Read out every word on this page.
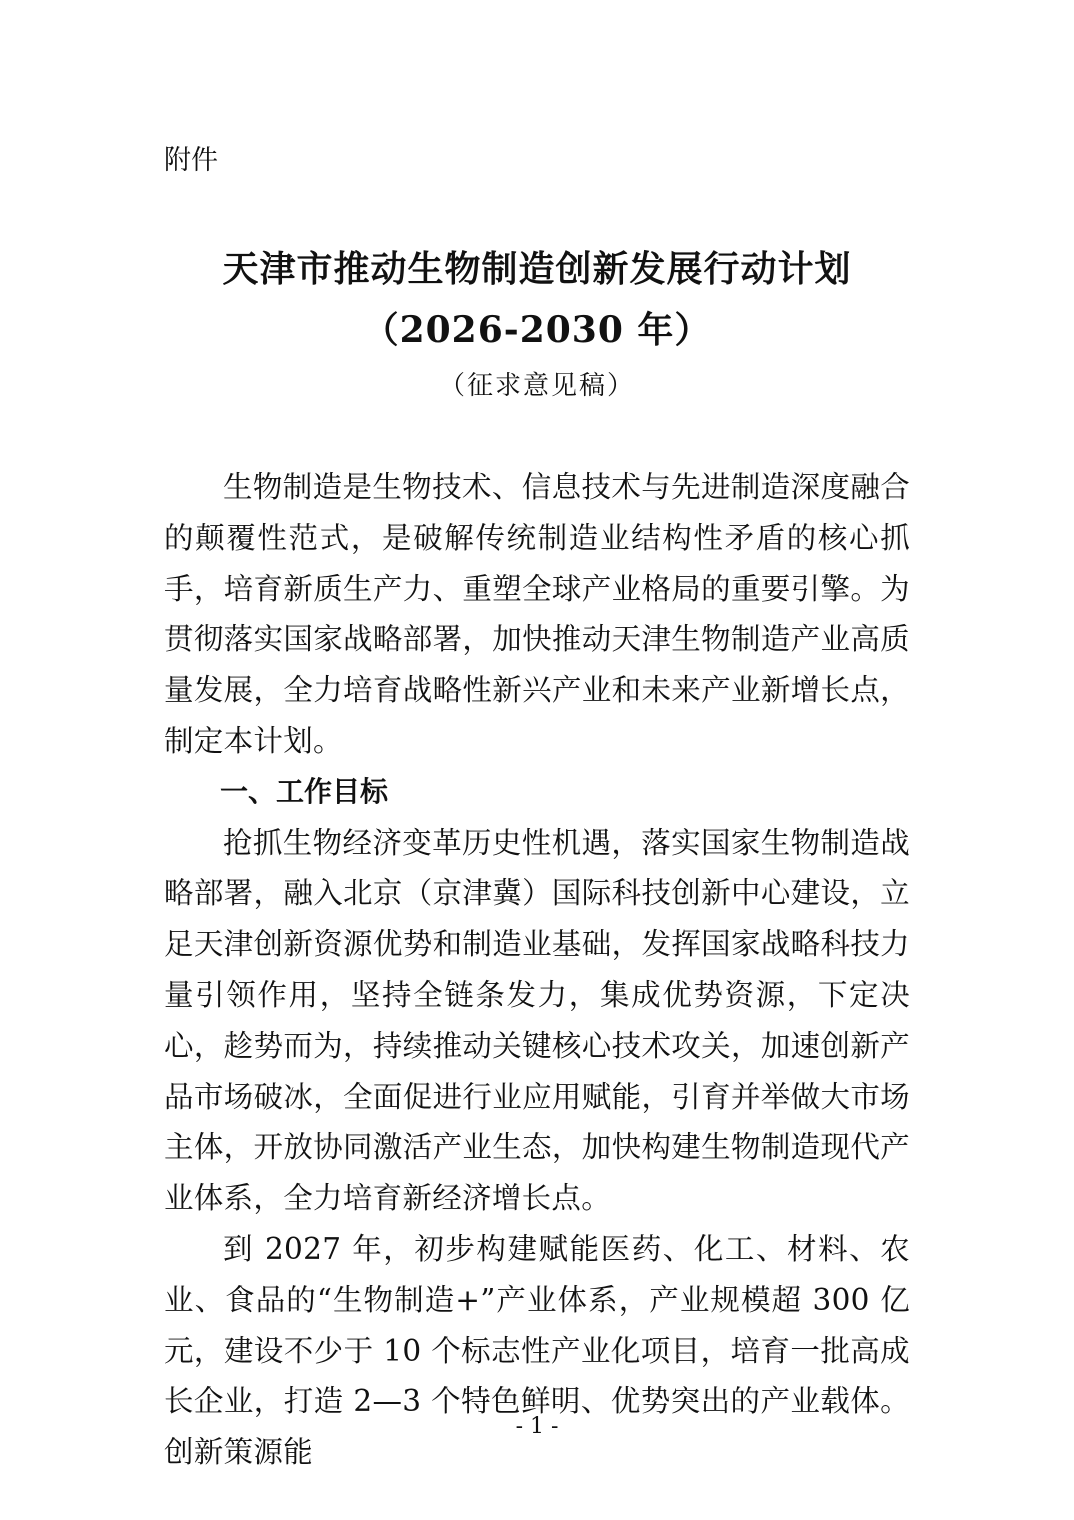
附件

天津市推动生物制造创新发展行动计划
（2026-2030 年）
（征求意见稿）

生物制造是生物技术、信息技术与先进制造深度融合的颠覆性范式，是破解传统制造业结构性矛盾的核心抓手，培育新质生产力、重塑全球产业格局的重要引擎。为贯彻落实国家战略部署，加快推动天津生物制造产业高质量发展，全力培育战略性新兴产业和未来产业新增长点，制定本计划。

一、工作目标

抢抓生物经济变革历史性机遇，落实国家生物制造战略部署，融入北京（京津冀）国际科技创新中心建设，立足天津创新资源优势和制造业基础，发挥国家战略科技力量引领作用，坚持全链条发力，集成优势资源，下定决心，趁势而为，持续推动关键核心技术攻关，加速创新产品市场破冰，全面促进行业应用赋能，引育并举做大市场主体，开放协同激活产业生态，加快构建生物制造现代产业体系，全力培育新经济增长点。

到 2027 年，初步构建赋能医药、化工、材料、农业、食品的“生物制造+”产业体系，产业规模超 300 亿元，建设不少于 10 个标志性产业化项目，培育一批高成长企业，打造 2—3 个特色鲜明、优势突出的产业载体。创新策源能

- 1 -
